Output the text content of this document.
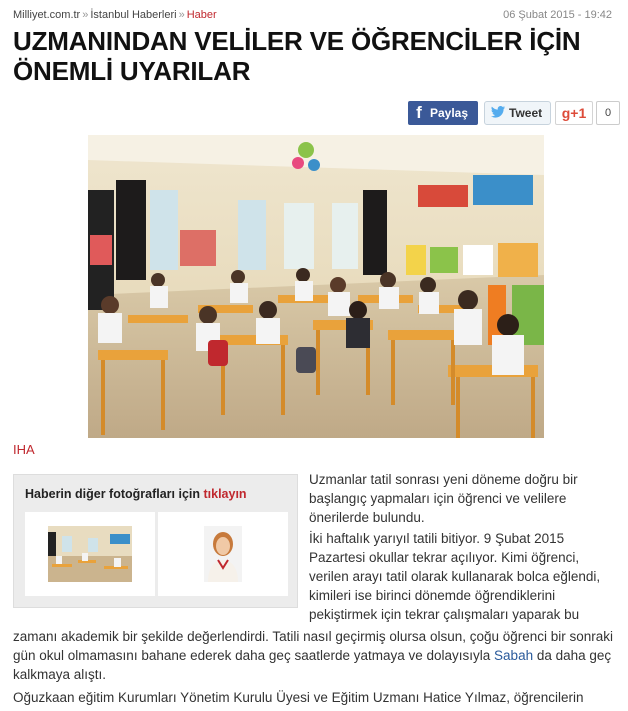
Milliyet.com.tr » İstanbul Haberleri » Haber	06 Şubat 2015 - 19:42
UZMANINDAN VELİLER VE ÖĞRENCİLER İÇİN ÖNEMLİ UYARILAR
f Paylaş	Tweet g+1	0
IHA
Haberin diğer fotoğrafları için tıklayın

Uzmanlar tatil sonrası yeni döneme doğru bir başlangıç yapmaları için öğrenci ve velilere önerilerde bulundu.

İki haftalık yarıyıl tatili bitiyor. 9 Şubat 2015 Pazartesi okullar tekrar açılıyor. Kimi öğrenci, verilen arayı tatil olarak kullanarak bolca eğlendi, kimileri ise birinci dönemde öğrendiklerini pekiştirmek için tekrar çalışmaları yaparak bu

zamanı akademik bir şekilde değerlendirdi. Tatili nasıl geçirmiş olursa olsun, çoğu öğrenci bir sonraki gün okul olmamasını bahane ederek daha geç saatlerde yatmaya ve dolayısıyla Sabah da daha geç kalkmaya alıştı.

Oğuzkaan eğitim Kurumları Yönetim Kurulu Üyesi ve Eğitim Uzmanı Hatice Yılmaz, öğrencilerin
